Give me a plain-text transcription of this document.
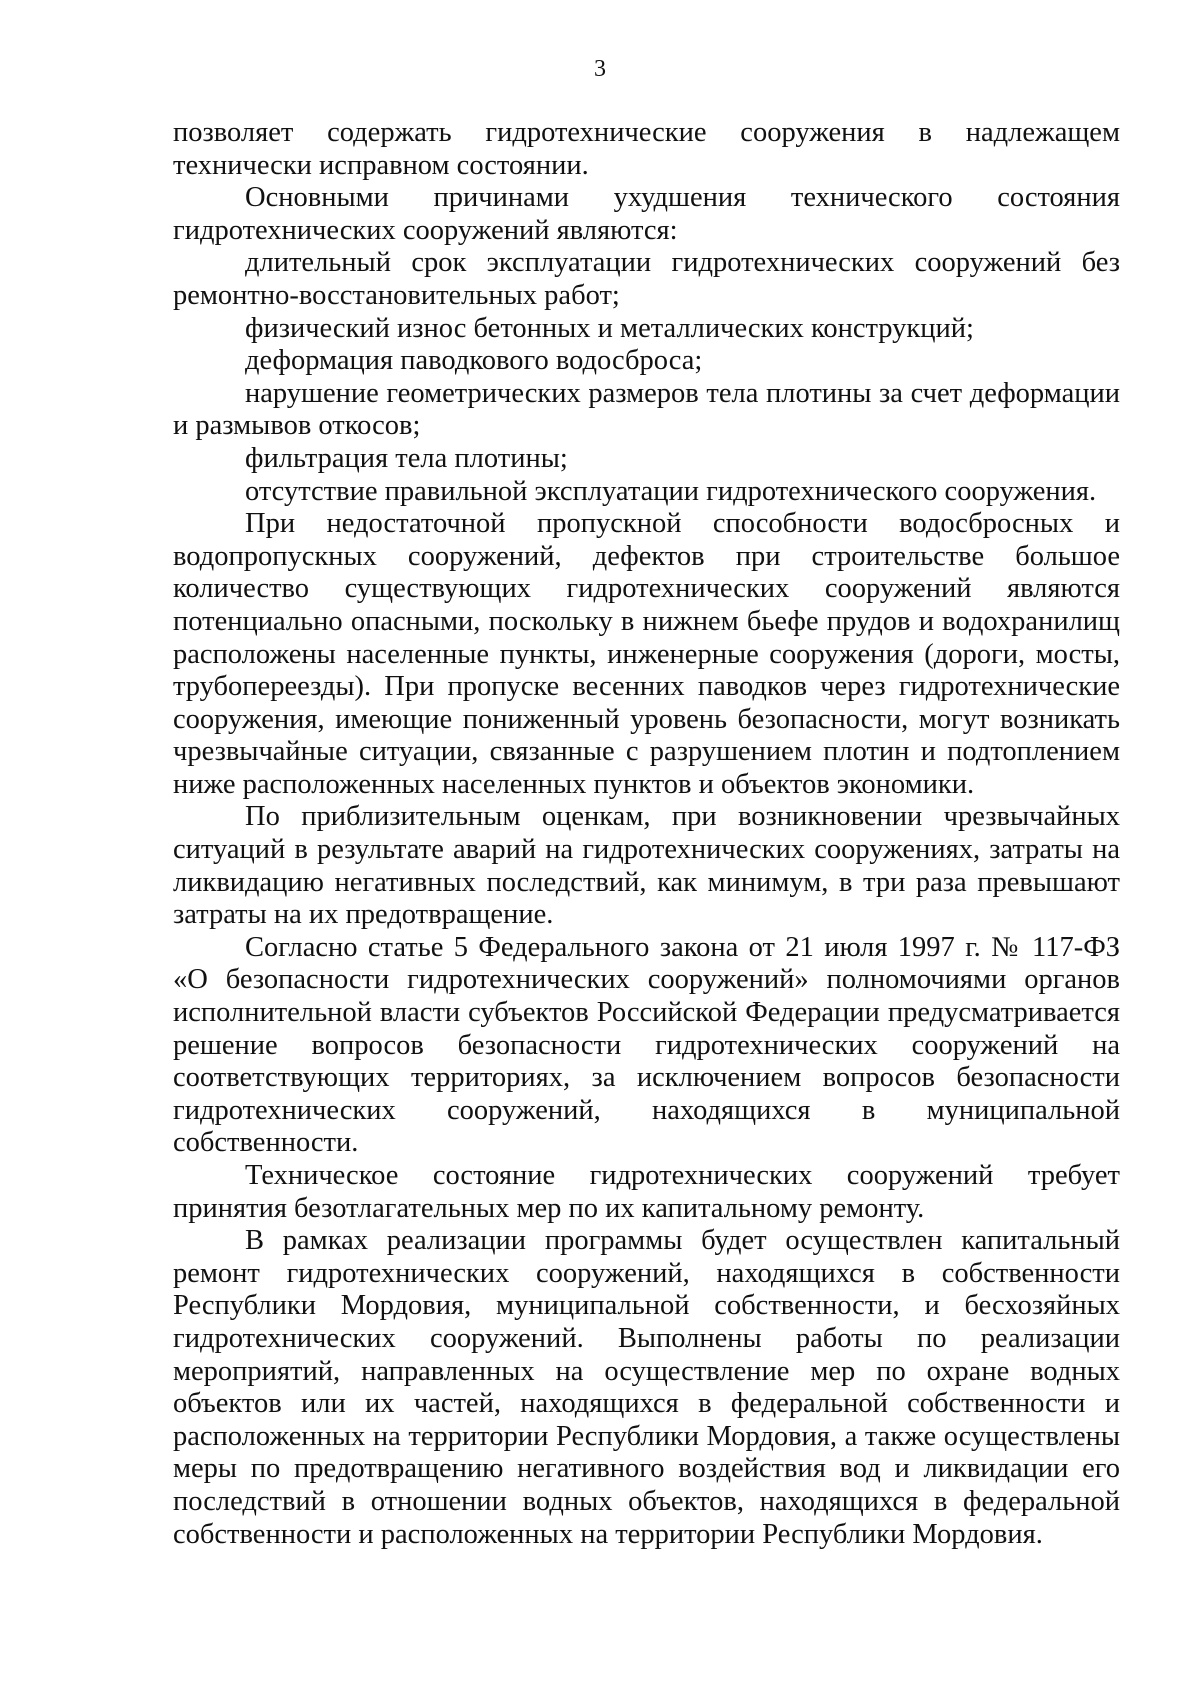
3

позволяет содержать гидротехнические сооружения в надлежащем технически исправном состоянии.

Основными причинами ухудшения технического состояния гидротехнических сооружений являются:

длительный срок эксплуатации гидротехнических сооружений без ремонтно-восстановительных работ;

физический износ бетонных и металлических конструкций;

деформация паводкового водосброса;

нарушение геометрических размеров тела плотины за счет деформации и размывов откосов;

фильтрация тела плотины;

отсутствие правильной эксплуатации гидротехнического сооружения.

При недостаточной пропускной способности водосбросных и водопропускных сооружений, дефектов при строительстве большое количество существующих гидротехнических сооружений являются потенциально опасными, поскольку в нижнем бьефе прудов и водохранилищ расположены населенные пункты, инженерные сооружения (дороги, мосты, трубопереезды). При пропуске весенних паводков через гидротехнические сооружения, имеющие пониженный уровень безопасности, могут возникать чрезвычайные ситуации, связанные с разрушением плотин и подтоплением ниже расположенных населенных пунктов и объектов экономики.

По приблизительным оценкам, при возникновении чрезвычайных ситуаций в результате аварий на гидротехнических сооружениях, затраты на ликвидацию негативных последствий, как минимум, в три раза превышают затраты на их предотвращение.

Согласно статье 5 Федерального закона от 21 июля 1997 г. № 117-ФЗ «О безопасности гидротехнических сооружений» полномочиями органов исполнительной власти субъектов Российской Федерации предусматривается решение вопросов безопасности гидротехнических сооружений на соответствующих территориях, за исключением вопросов безопасности гидротехнических сооружений, находящихся в муниципальной собственности.

Техническое состояние гидротехнических сооружений требует принятия безотлагательных мер по их капитальному ремонту.

В рамках реализации программы будет осуществлен капитальный ремонт гидротехнических сооружений, находящихся в собственности Республики Мордовия, муниципальной собственности, и бесхозяйных гидротехнических сооружений. Выполнены работы по реализации мероприятий, направленных на осуществление мер по охране водных объектов или их частей, находящихся в федеральной собственности и расположенных на территории Республики Мордовия, а также осуществлены меры по предотвращению негативного воздействия вод и ликвидации его последствий в отношении водных объектов, находящихся в федеральной собственности и расположенных на территории Республики Мордовия.
